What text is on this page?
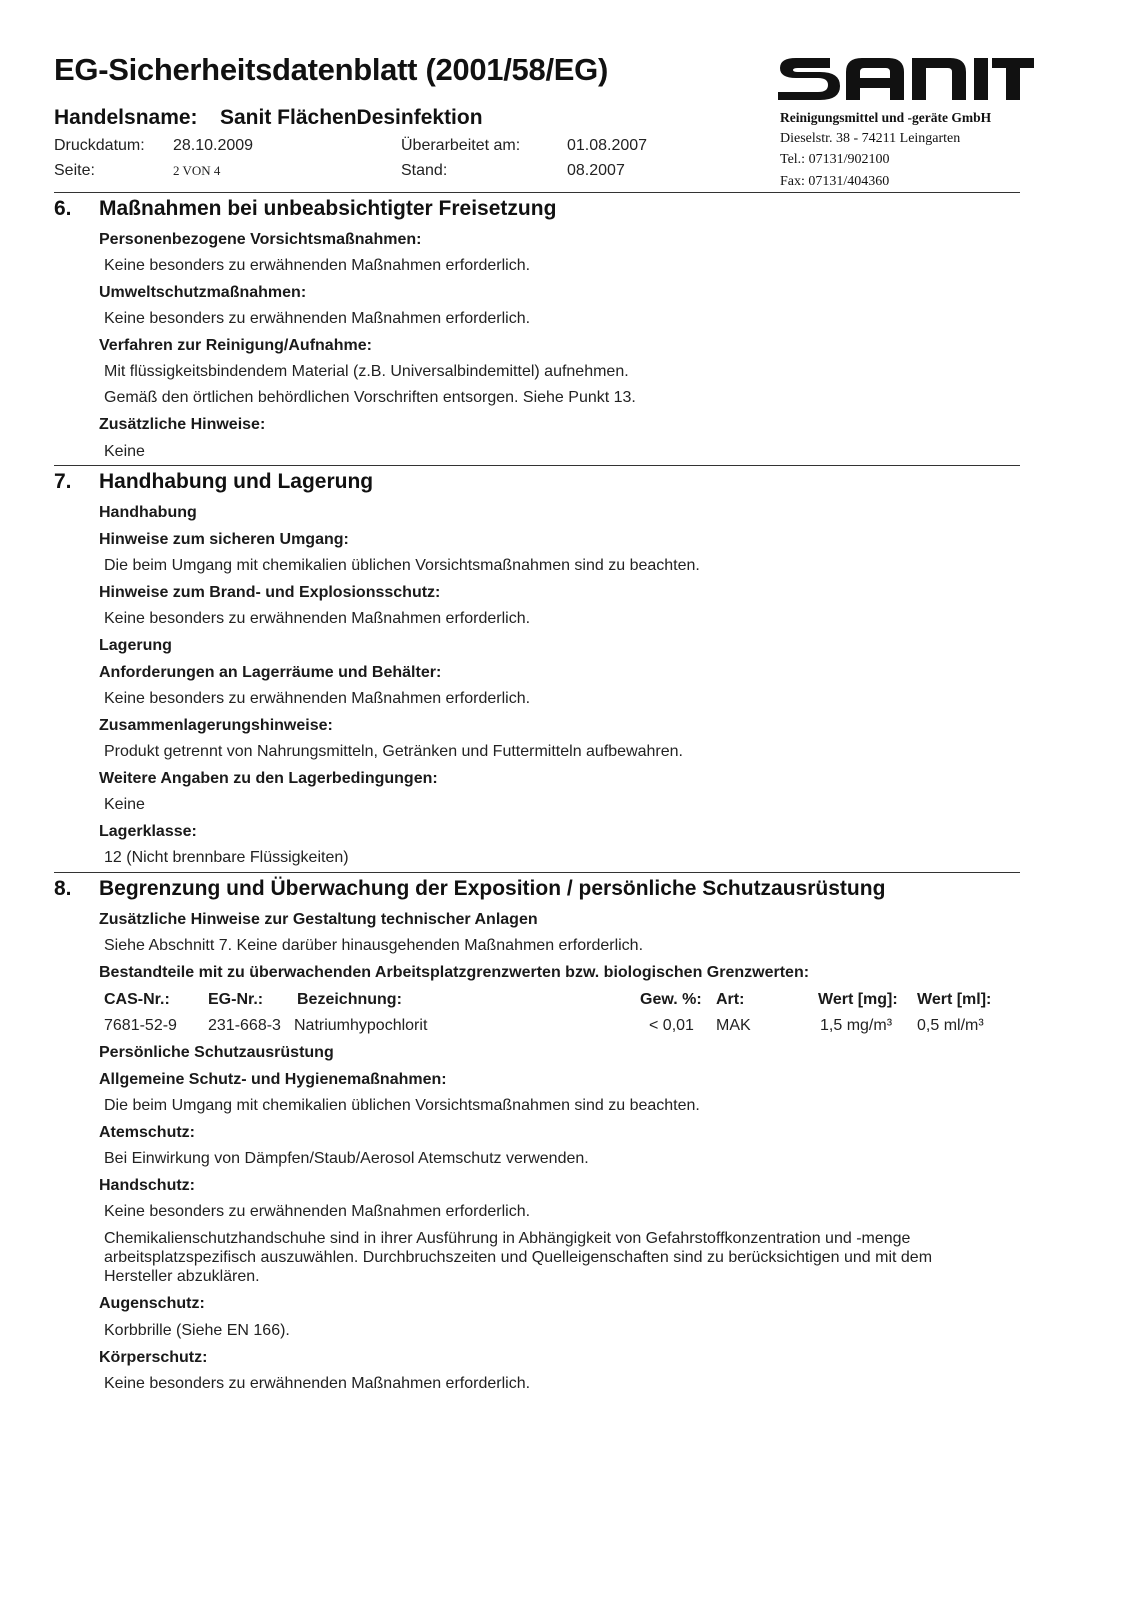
EG-Sicherheitsdatenblatt (2001/58/EG)
Handelsname: Sanit FlächenDesinfektion
Druckdatum: 28.10.2009	Überarbeitet am:	01.08.2007
Seite:	2 VON 4	Stand:	08.2007
Reinigungsmittel und -geräte GmbH
Dieselstr. 38 - 74211 Leingarten
Tel.: 07131/902100
Fax: 07131/404360
6. Maßnahmen bei unbeabsichtigter Freisetzung
Personenbezogene Vorsichtsmaßnahmen:
Keine besonders zu erwähnenden Maßnahmen erforderlich.
Umweltschutzmaßnahmen:
Keine besonders zu erwähnenden Maßnahmen erforderlich.
Verfahren zur Reinigung/Aufnahme:
Mit flüssigkeitsbindendem Material (z.B. Universalbindemittel) aufnehmen.
Gemäß den örtlichen behördlichen Vorschriften entsorgen. Siehe Punkt 13.
Zusätzliche Hinweise:
Keine
7. Handhabung und Lagerung
Handhabung
Hinweise zum sicheren Umgang:
Die beim Umgang mit chemikalien üblichen Vorsichtsmaßnahmen sind zu beachten.
Hinweise zum Brand- und Explosionsschutz:
Keine besonders zu erwähnenden Maßnahmen erforderlich.
Lagerung
Anforderungen an Lagerräume und Behälter:
Keine besonders zu erwähnenden Maßnahmen erforderlich.
Zusammenlagerungshinweise:
Produkt getrennt von Nahrungsmitteln, Getränken und Futtermitteln aufbewahren.
Weitere Angaben zu den Lagerbedingungen:
Keine
Lagerklasse:
12 (Nicht brennbare Flüssigkeiten)
8. Begrenzung und Überwachung der Exposition / persönliche Schutzausrüstung
Zusätzliche Hinweise zur Gestaltung technischer Anlagen
Siehe Abschnitt 7. Keine darüber hinausgehenden Maßnahmen erforderlich.
Bestandteile mit zu überwachenden Arbeitsplatzgrenzwerten bzw. biologischen Grenzwerten:
CAS-Nr.: EG-Nr.: Bezeichnung:	Gew. %: Art:	Wert [mg]: Wert [ml]:
7681-52-9 231-668-3 Natriumhypochlorit	< 0,01 MAK	1,5 mg/m³ 0,5 ml/m³
Persönliche Schutzausrüstung
Allgemeine Schutz- und Hygienemaßnahmen:
Die beim Umgang mit chemikalien üblichen Vorsichtsmaßnahmen sind zu beachten.
Atemschutz:
Bei Einwirkung von Dämpfen/Staub/Aerosol Atemschutz verwenden.
Handschutz:
Keine besonders zu erwähnenden Maßnahmen erforderlich.
Chemikalienschutzhandschuhe sind in ihrer Ausführung in Abhängigkeit von Gefahrstoffkonzentration und -menge arbeitsplatzspezifisch auszuwählen. Durchbruchszeiten und Quelleigenschaften sind zu berücksichtigen und mit dem Hersteller abzuklären.
Augenschutz:
Korbbrille (Siehe EN 166).
Körperschutz:
Keine besonders zu erwähnenden Maßnahmen erforderlich.
